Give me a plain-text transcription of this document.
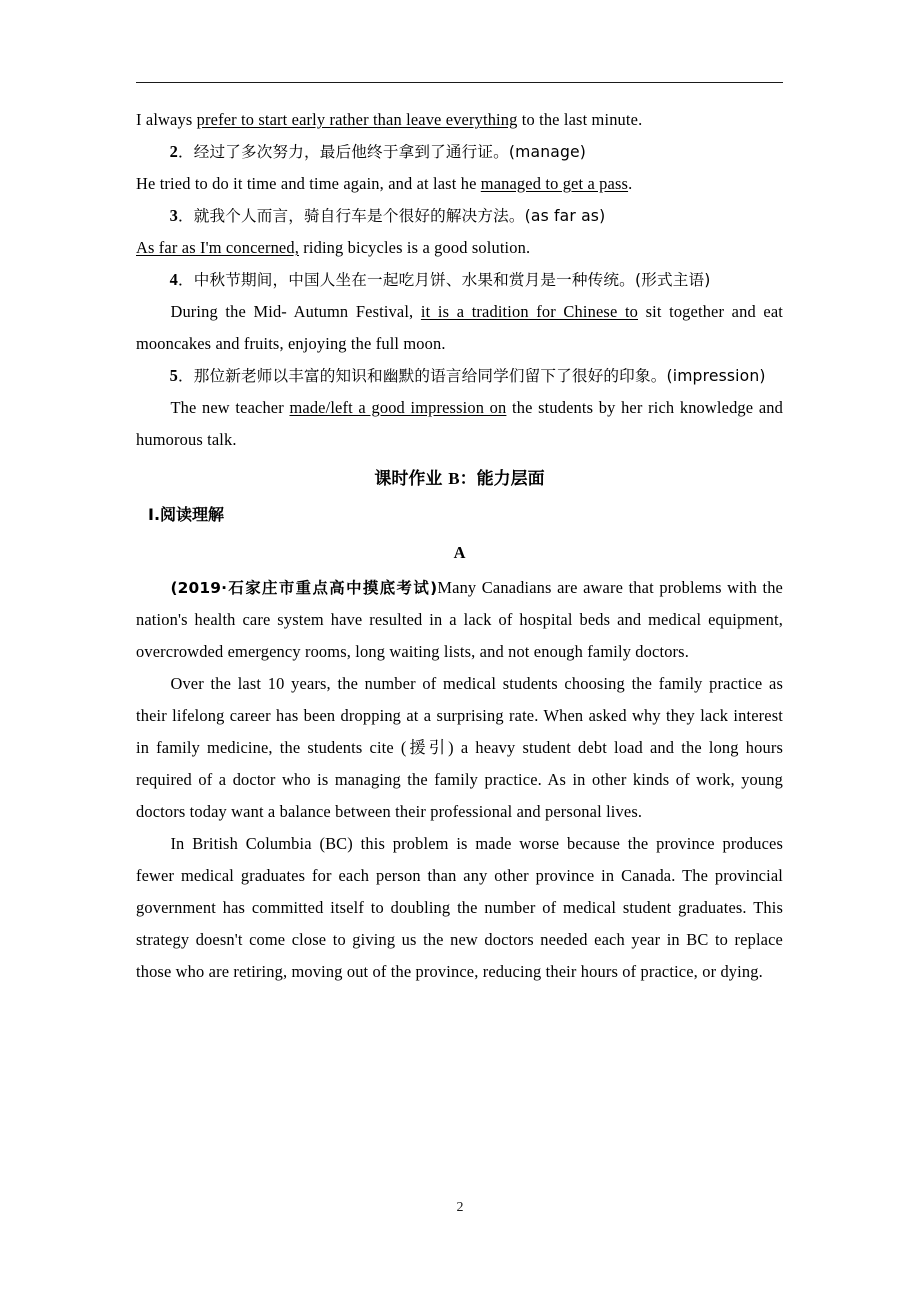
I always prefer to start early rather than leave everything to the last minute.

2．经过了多次努力，最后他终于拿到了通行证。(manage)

He tried to do it time and time again, and at last he managed to get a pass.

3．就我个人而言，骑自行车是个很好的解决方法。(as far as)

As far as I'm concerned, riding bicycles is a good solution.

4．中秋节期间，中国人坐在一起吃月饼、水果和赏月是一种传统。(形式主语)

During the Mid- Autumn Festival, it is a tradition for Chinese to sit together and eat mooncakes and fruits, enjoying the full moon.

5．那位新老师以丰富的知识和幽默的语言给同学们留下了很好的印象。(impression)

The new teacher made/left a good impression on the students by her rich knowledge and humorous talk.

课时作业 B：能力层面
Ⅰ.阅读理解
A

(2019·石家庄市重点高中摸底考试)Many Canadians are aware that problems with the nation's health care system have resulted in a lack of hospital beds and medical equipment, overcrowded emergency rooms, long waiting lists, and not enough family doctors.

Over the last 10 years, the number of medical students choosing the family practice as their lifelong career has been dropping at a surprising rate. When asked why they lack interest in family medicine, the students cite (援引) a heavy student debt load and the long hours required of a doctor who is managing the family practice. As in other kinds of work, young doctors today want a balance between their professional and personal lives.

In British Columbia (BC) this problem is made worse because the province produces fewer medical graduates for each person than any other province in Canada. The provincial government has committed itself to doubling the number of medical student graduates. This strategy doesn't come close to giving us the new doctors needed each year in BC to replace those who are retiring, moving out of the province, reducing their hours of practice, or dying.

2
